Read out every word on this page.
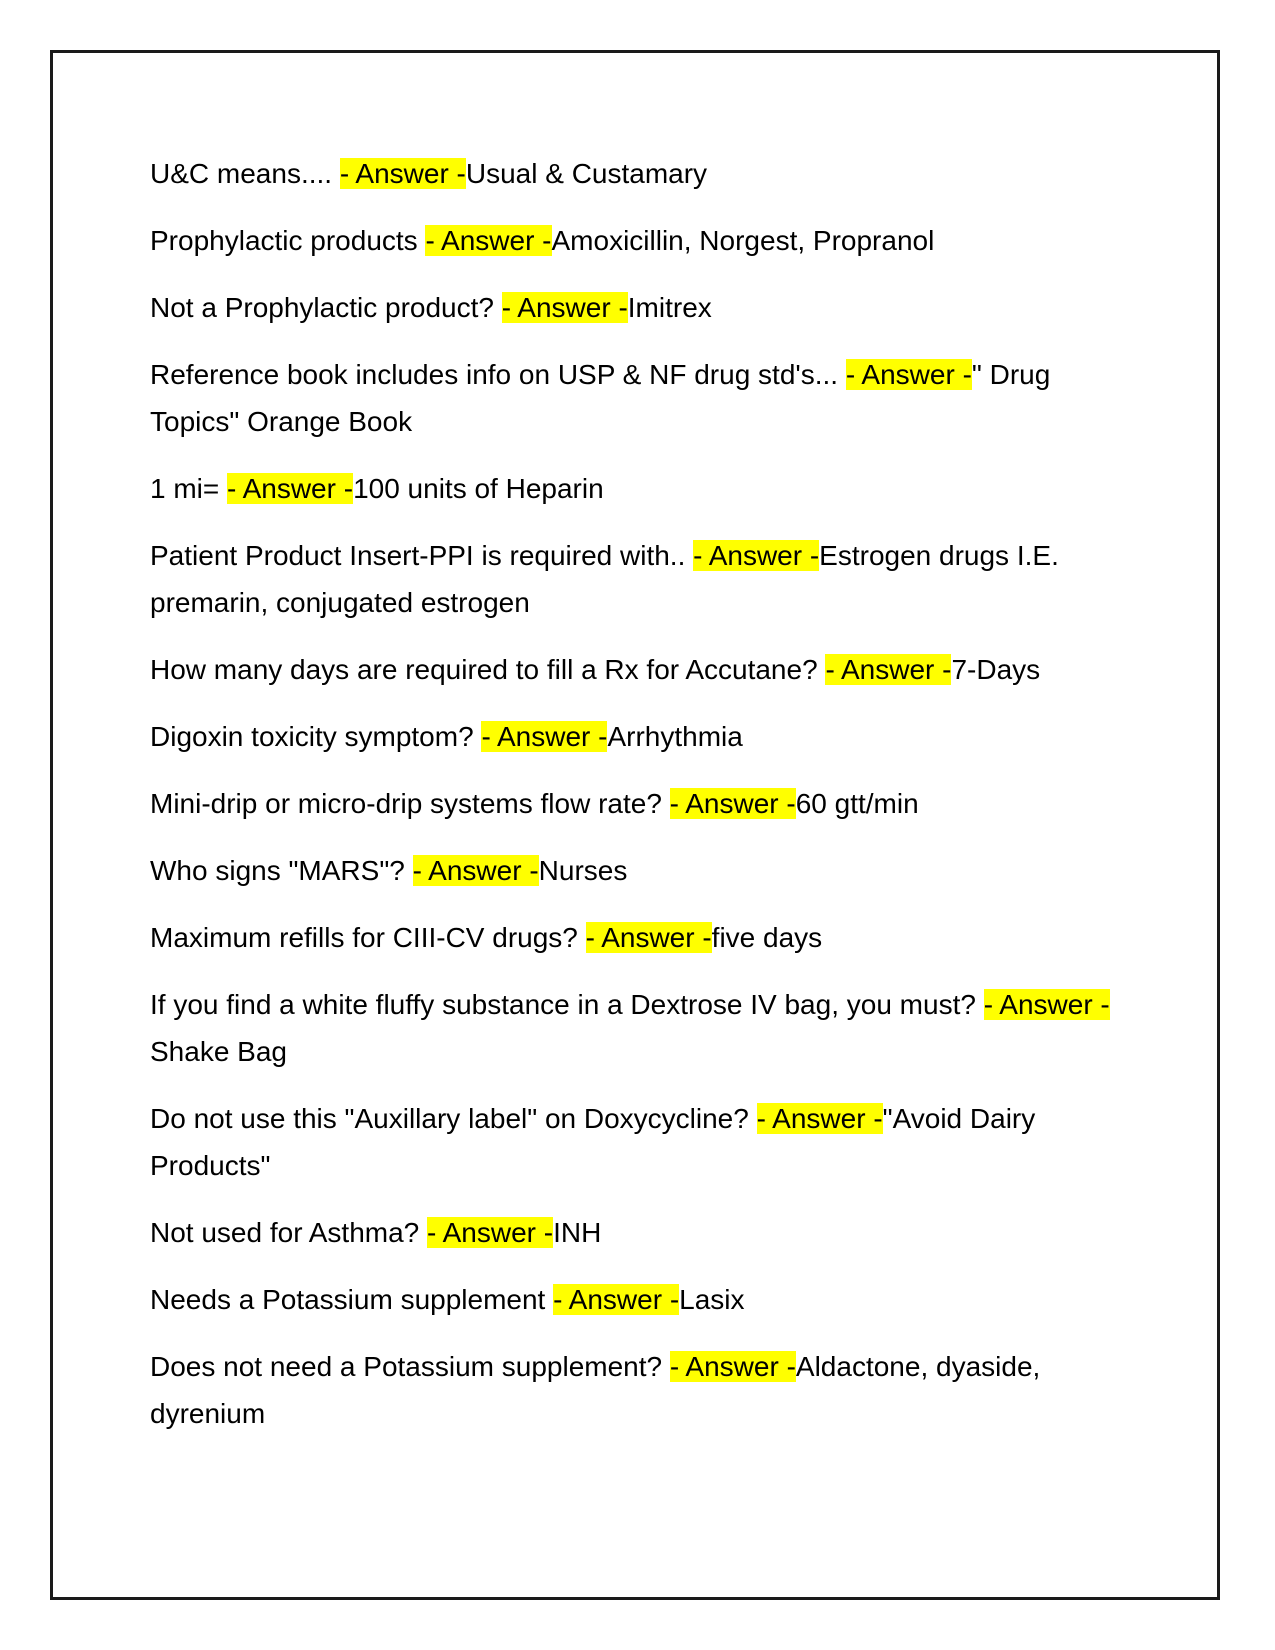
U&C means.... - Answer -Usual & Custamary
Prophylactic products - Answer -Amoxicillin, Norgest, Propranol
Not a Prophylactic product? - Answer -Imitrex
Reference book includes info on USP & NF drug std's... - Answer -" Drug Topics" Orange Book
1 mi= - Answer -100 units of Heparin
Patient Product Insert-PPI is required with.. - Answer -Estrogen drugs I.E. premarin, conjugated estrogen
How many days are required to fill a Rx for Accutane? - Answer -7-Days
Digoxin toxicity symptom? - Answer -Arrhythmia
Mini-drip or micro-drip systems flow rate? - Answer -60 gtt/min
Who signs "MARS"? - Answer -Nurses
Maximum refills for CIII-CV drugs? - Answer -five days
If you find a white fluffy substance in a Dextrose IV bag, you must? - Answer -Shake Bag
Do not use this "Auxillary label" on Doxycycline? - Answer -"Avoid Dairy Products"
Not used for Asthma? - Answer -INH
Needs a Potassium supplement - Answer -Lasix
Does not need a Potassium supplement? - Answer -Aldactone, dyaside, dyrenium
